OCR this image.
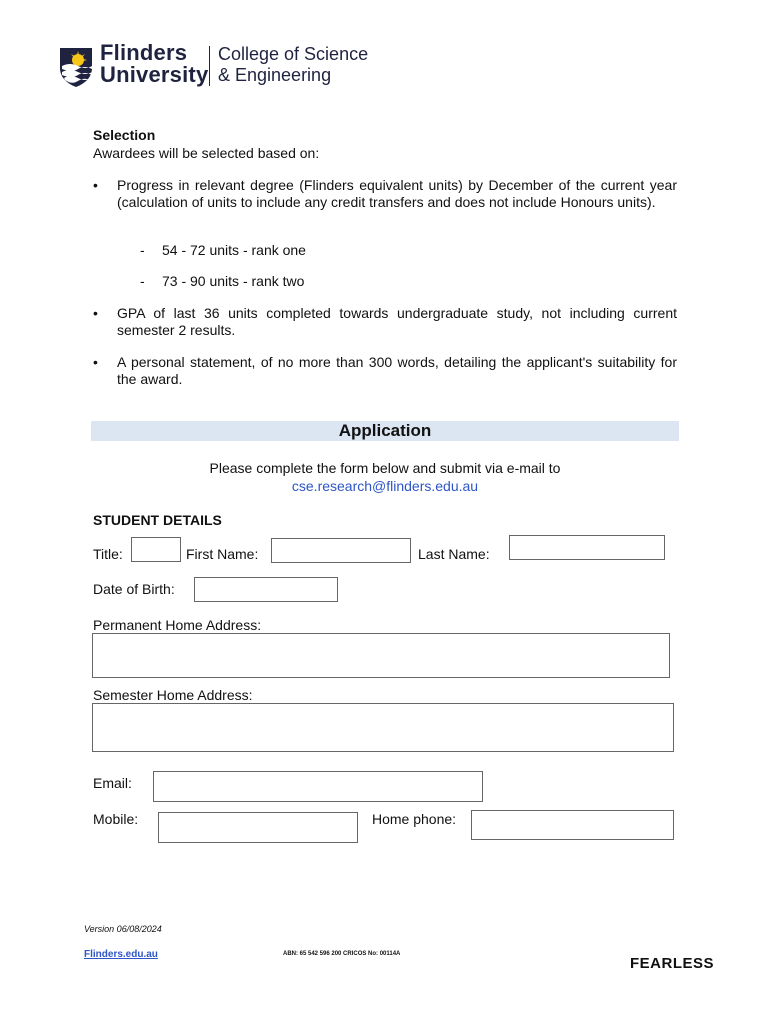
Flinders
University
College of Science
& Engineering
Selection
Awardees will be selected based on:
• Progress in relevant degree (Flinders equivalent units) by December of the current year (calculation of units to include any credit transfers and does not include Honours units).
- 54 - 72 units - rank one
- 73 - 90 units - rank two
• GPA of last 36 units completed towards undergraduate study, not including current semester 2 results.
• A personal statement, of no more than 300 words, detailing the applicant's suitability for the award.
Application
Please complete the form below and submit via e-mail to
cse.research@flinders.edu.au
STUDENT DETAILS
Title:	First Name:	Last Name:
Date of Birth:
Permanent Home Address:
Semester Home Address:
Email:
Mobile:	Home phone:
Version 06/08/2024
Flinders.edu.au	ABN: 65 542 596 200 CRICOS No: 00114A
FEARLESS
